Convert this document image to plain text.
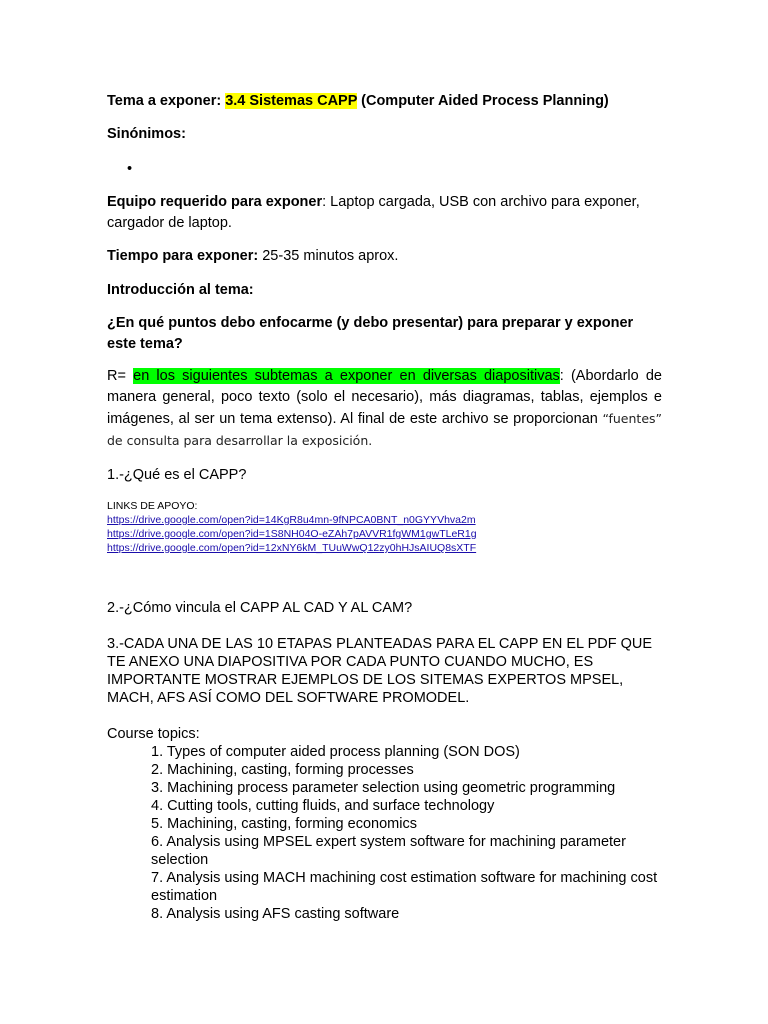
Tema a exponer: 3.4 Sistemas CAPP (Computer Aided Process Planning)

Sinónimos:

•

Equipo requerido para exponer: Laptop cargada, USB con archivo para exponer, cargador de laptop.

Tiempo para exponer: 25-35 minutos aprox.

Introducción al tema:

¿En qué puntos debo enfocarme (y debo presentar) para preparar y exponer este tema?

R= en los siguientes subtemas a exponer en diversas diapositivas: (Abordarlo de manera general, poco texto (solo el necesario), más diagramas, tablas, ejemplos e imágenes, al ser un tema extenso). Al final de este archivo se proporcionan “fuentes” de consulta para desarrollar la exposición.

1.-¿Qué es el CAPP?

LINKS DE APOYO:

https://drive.google.com/open?id=14KgR8u4mn-9fNPCA0BNT_n0GYYVhva2m
https://drive.google.com/open?id=1S8NH04O-eZAh7pAVVR1fgWM1gwTLeR1g
https://drive.google.com/open?id=12xNY6kM_TUuWwQ12zy0hHJsAIUQ8sXTF

2.-¿Cómo vincula el CAPP AL CAD Y AL CAM?

3.-CADA UNA DE LAS 10 ETAPAS PLANTEADAS PARA EL CAPP EN EL PDF QUE TE ANEXO UNA DIAPOSITIVA POR CADA PUNTO CUANDO MUCHO, ES IMPORTANTE MOSTRAR EJEMPLOS DE LOS SITEMAS EXPERTOS MPSEL, MACH, AFS ASÍ COMO DEL SOFTWARE PROMODEL.

Course topics:

1. Types of computer aided process planning (SON DOS)

2. Machining, casting, forming processes

3. Machining process parameter selection using geometric programming

4. Cutting tools, cutting fluids, and surface technology

5. Machining, casting, forming economics

6. Analysis using MPSEL expert system software for machining parameter selection

7. Analysis using MACH machining cost estimation software for machining cost estimation

8. Analysis using AFS casting software
